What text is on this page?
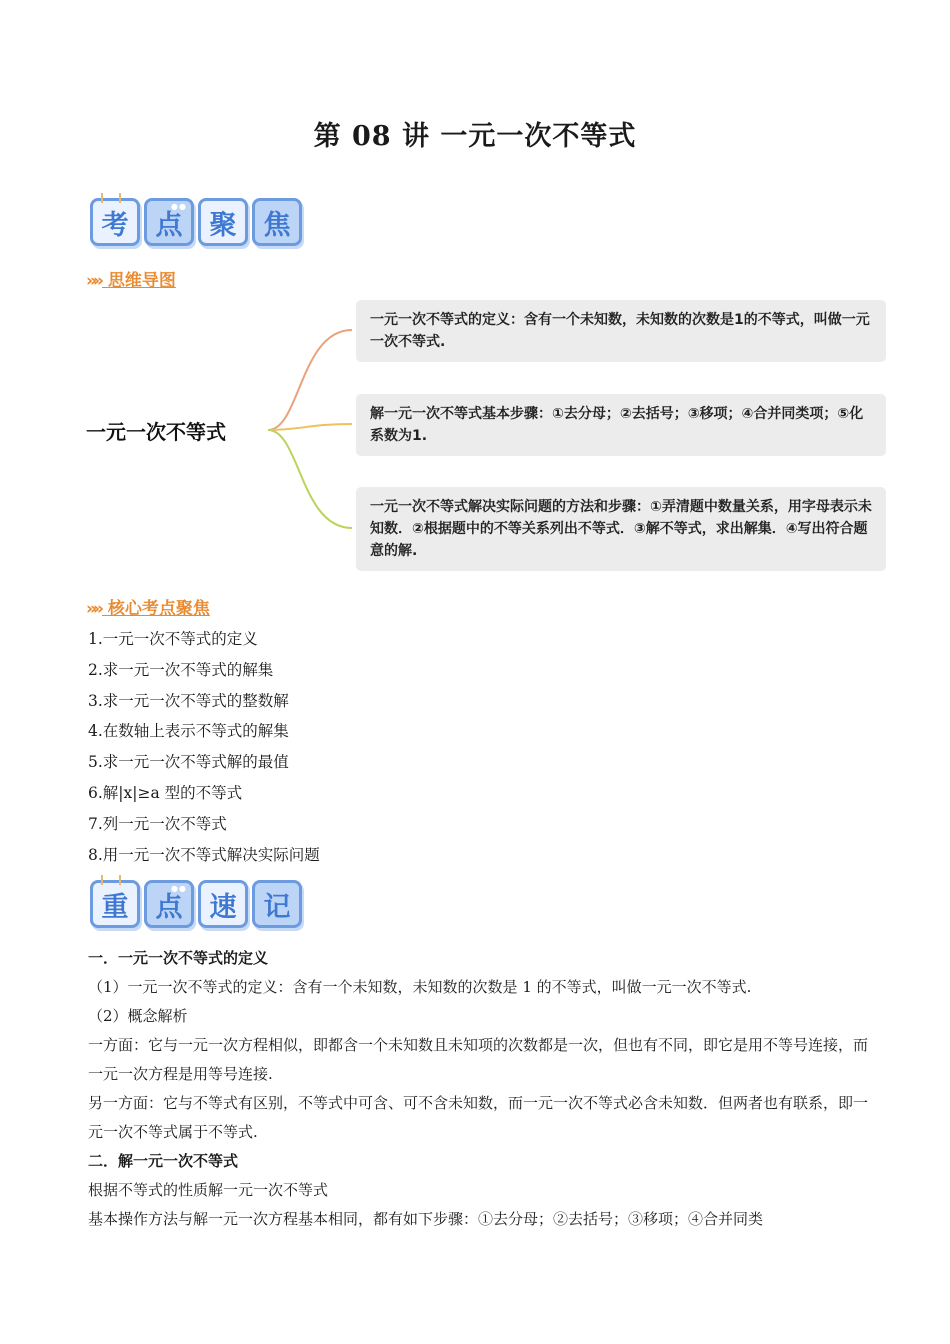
第 08 讲 一元一次不等式
考
●●
点 聚 焦
»» 思维导图
一元一次不等式
一元一次不等式的定义：含有一个未知数，未知数的次数是1的不等式，叫做一元一次不等式.
解一元一次不等式基本步骤：①去分母；②去括号；③移项；④合并同类项；⑤化系数为1.
一元一次不等式解决实际问题的方法和步骤：①弄清题中数量关系，用字母表示未知数．②根据题中的不等关系列出不等式．③解不等式，求出解集．④写出符合题意的解.
»» 核心考点聚焦
1.一元一次不等式的定义
2.求一元一次不等式的解集
3.求一元一次不等式的整数解
4.在数轴上表示不等式的解集
5.求一元一次不等式解的最值
6.解|x|≥a 型的不等式
7.列一元一次不等式
8.用一元一次不等式解决实际问题
重
●●
点 速 记

一．一元一次不等式的定义

（1）一元一次不等式的定义：含有一个未知数，未知数的次数是 1 的不等式，叫做一元一次不等式.

（2）概念解析

一方面：它与一元一次方程相似，即都含一个未知数且未知项的次数都是一次，但也有不同，即它是用不等号连接，而一元一次方程是用等号连接.

另一方面：它与不等式有区别，不等式中可含、可不含未知数，而一元一次不等式必含未知数．但两者也有联系，即一元一次不等式属于不等式.

二．解一元一次不等式

根据不等式的性质解一元一次不等式

基本操作方法与解一元一次方程基本相同，都有如下步骤：①去分母；②去括号；③移项；④合并同类
